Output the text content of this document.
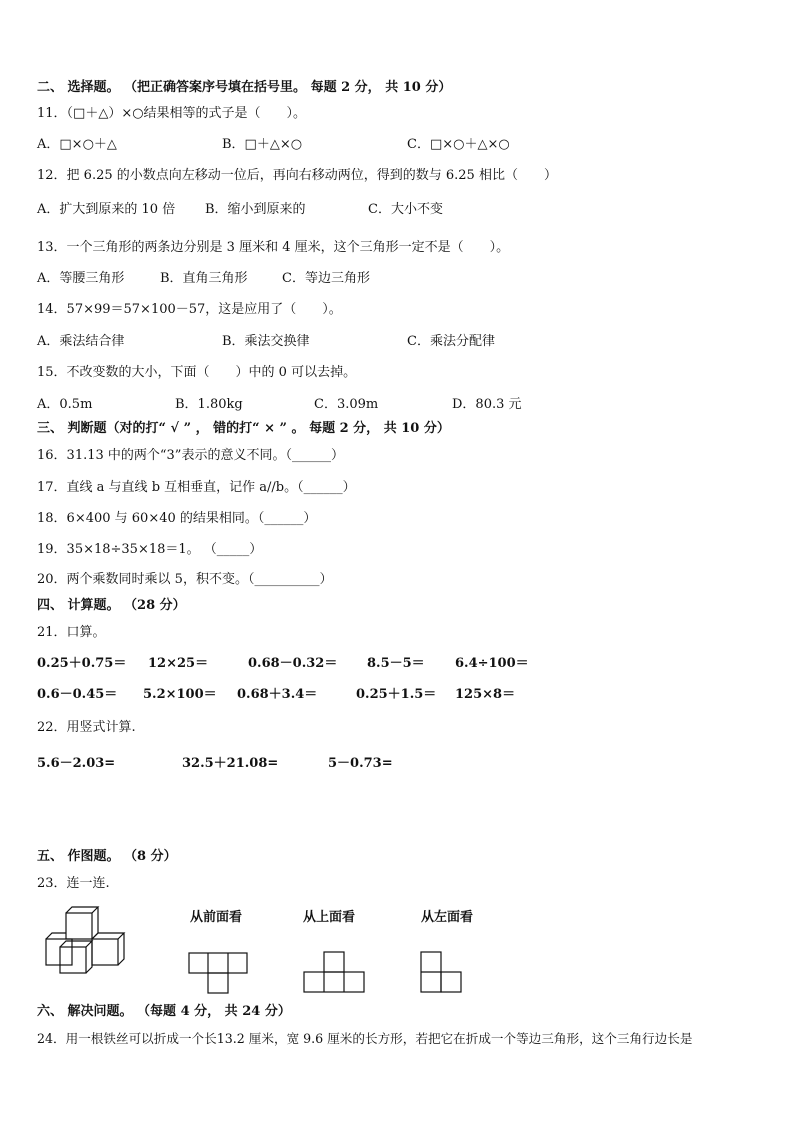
二、 选择题。 （把正确答案序号填在括号里。 每题 2 分， 共 10 分）
11．（□＋△）×○结果相等的式子是（　　）。
A．□×○＋△	B．□＋△×○	C．□×○＋△×○
12．把 6.25 的小数点向左移动一位后，再向右移动两位，得到的数与 6.25 相比（　　）
A．扩大到原来的 10 倍 B．缩小到原来的	C．大小不变
13．一个三角形的两条边分别是 3 厘米和 4 厘米，这个三角形一定不是（　　）。
A．等腰三角形	B．直角三角形	C．等边三角形
14．57×99＝57×100－57，这是应用了（　　）。
A．乘法结合律	B．乘法交换律	C．乘法分配律
15．不改变数的大小，下面（　　）中的 0 可以去掉。
A．0.5m	B．1.80kg	C．3.09m	D．80.3 元
三、 判断题（对的打“ √ ” ， 错的打“ × ” 。 每题 2 分， 共 10 分）
16．31.13 中的两个“3”表示的意义不同。（______）
17．直线 a 与直线 b 互相垂直，记作 a//b。（______）
18．6×400 与 60×40 的结果相同。（______）
19．35×18÷35×18＝1。 （_____）
20．两个乘数同时乘以 5，积不变。（__________）
四、 计算题。 （28 分）
21．口算。
0.25＋0.75＝ 12×25＝	0.68－0.32＝ 8.5－5＝ 6.4÷100＝
0.6－0.45＝ 5.2×100＝ 0.68＋3.4＝	0.25＋1.5＝ 125×8＝
22．用竖式计算.
5.6－2.03=	32.5＋21.08=	5－0.73=
五、 作图题。 （8 分）
23．连一连.
从前面看	从上面看	从左面看
六、 解决问题。 （每题 4 分， 共 24 分）
24．用一根铁丝可以折成一个长13.2 厘米，宽 9.6 厘米的长方形，若把它在折成一个等边三角形，这个三角行边长是
